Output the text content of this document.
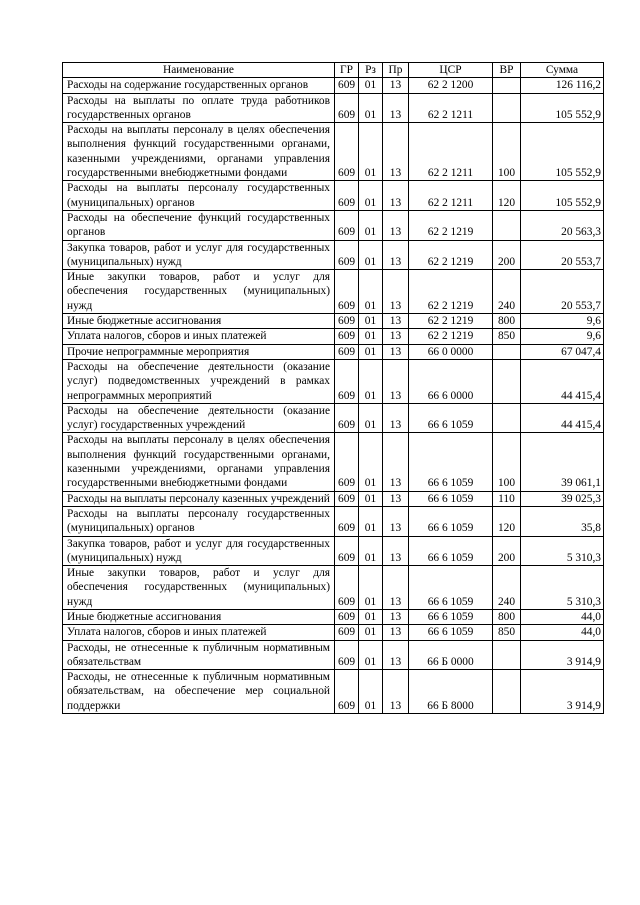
Наименование	ГР	Рз	Пр	ЦСР	ВР	Сумма
Расходы на содержание государственных органов	609	01	13	62 2 1200		126 116,2
Расходы на выплаты по оплате труда работников государственных органов	609	01	13	62 2 1211		105 552,9
Расходы на выплаты персоналу в целях обеспечения выполнения функций государственными органами, казенными учреждениями, органами управления государственными внебюджетными фондами	609	01	13	62 2 1211	100	105 552,9
Расходы на выплаты персоналу государственных (муниципальных) органов	609	01	13	62 2 1211	120	105 552,9
Расходы на обеспечение функций государственных органов	609	01	13	62 2 1219		20 563,3
Закупка товаров, работ и услуг для государственных (муниципальных) нужд	609	01	13	62 2 1219	200	20 553,7
Иные закупки товаров, работ и услуг для обеспечения государственных (муниципальных) нужд	609	01	13	62 2 1219	240	20 553,7
Иные бюджетные ассигнования	609	01	13	62 2 1219	800	9,6
Уплата налогов, сборов и иных платежей	609	01	13	62 2 1219	850	9,6
Прочие непрограммные мероприятия	609	01	13	66 0 0000		67 047,4
Расходы на обеспечение деятельности (оказание услуг) подведомственных учреждений в рамках непрограммных мероприятий	609	01	13	66 6 0000		44 415,4
Расходы на обеспечение деятельности (оказание услуг) государственных учреждений	609	01	13	66 6 1059		44 415,4
Расходы на выплаты персоналу в целях обеспечения выполнения функций государственными органами, казенными учреждениями, органами управления государственными внебюджетными фондами	609	01	13	66 6 1059	100	39 061,1
Расходы на выплаты персоналу казенных учреждений	609	01	13	66 6 1059	110	39 025,3
Расходы на выплаты персоналу государственных (муниципальных) органов	609	01	13	66 6 1059	120	35,8
Закупка товаров, работ и услуг для государственных (муниципальных) нужд	609	01	13	66 6 1059	200	5 310,3
Иные закупки товаров, работ и услуг для обеспечения государственных (муниципальных) нужд	609	01	13	66 6 1059	240	5 310,3
Иные бюджетные ассигнования	609	01	13	66 6 1059	800	44,0
Уплата налогов, сборов и иных платежей	609	01	13	66 6 1059	850	44,0
Расходы, не отнесенные к публичным нормативным обязательствам	609	01	13	66 Б 0000		3 914,9
Расходы, не отнесенные к публичным нормативным обязательствам, на обеспечение мер социальной поддержки	609	01	13	66 Б 8000		3 914,9
